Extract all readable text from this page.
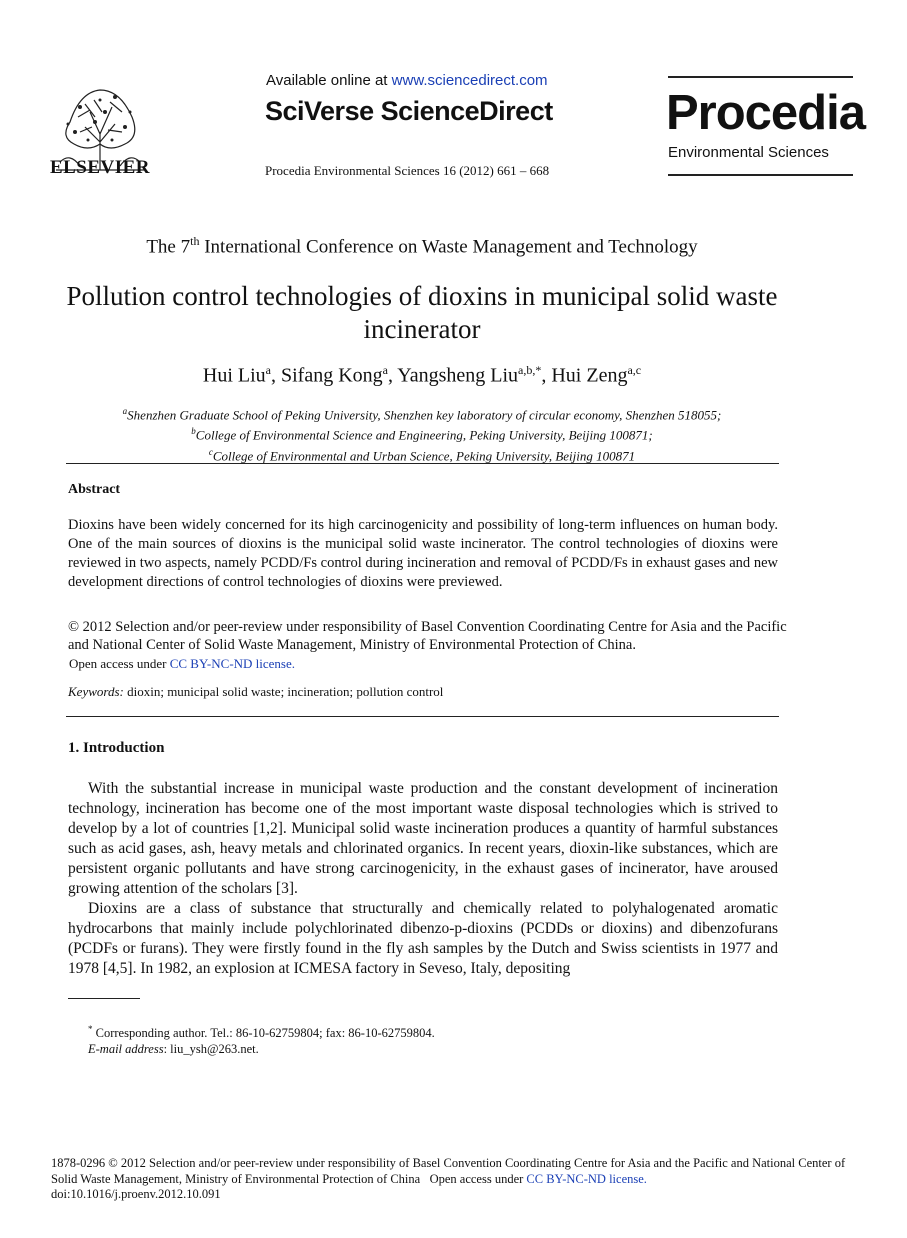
ELSEVIER
Available online at www.sciencedirect.com
SciVerse ScienceDirect
Procedia Environmental Sciences 16 (2012) 661 – 668
Procedia
Environmental Sciences
The 7th International Conference on Waste Management and Technology
Pollution control technologies of dioxins in municipal solid waste incinerator
Hui Liu$^a$, Sifang Kong$^a$, Yangsheng Liu$^{a,b,*}$, Hui Zeng$^{a,c}$
$^a$Shenzhen Graduate School of Peking University, Shenzhen key laboratory of circular economy, Shenzhen 518055;
$^b$College of Environmental Science and Engineering, Peking University, Beijing 100871;
$^c$College of Environmental and Urban Science, Peking University, Beijing 100871
Abstract
Dioxins have been widely concerned for its high carcinogenicity and possibility of long-term influences on human body. One of the main sources of dioxins is the municipal solid waste incinerator. The control technologies of dioxins were reviewed in two aspects, namely PCDD/Fs control during incineration and removal of PCDD/Fs in exhaust gases and new development directions of control technologies of dioxins were previewed.
© 2012 Selection and/or peer-review under responsibility of Basel Convention Coordinating Centre for Asia and the Pacific and National Center of Solid Waste Management, Ministry of Environmental Protection of China.
Open access under CC BY-NC-ND license.
Keywords: dioxin; municipal solid waste; incineration; pollution control
1. Introduction
With the substantial increase in municipal waste production and the constant development of incineration technology, incineration has become one of the most important waste disposal technologies which is strived to develop by a lot of countries [1,2]. Municipal solid waste incineration produces a quantity of harmful substances such as acid gases, ash, heavy metals and chlorinated organics. In recent years, dioxin-like substances, which are persistent organic pollutants and have strong carcinogenicity, in the exhaust gases of incinerator, have aroused growing attention of the scholars [3].
Dioxins are a class of substance that structurally and chemically related to polyhalogenated aromatic hydrocarbons that mainly include polychlorinated dibenzo-p-dioxins (PCDDs or dioxins) and dibenzofurans (PCDFs or furans). They were firstly found in the fly ash samples by the Dutch and Swiss scientists in 1977 and 1978 [4,5]. In 1982, an explosion at ICMESA factory in Seveso, Italy, depositing
* Corresponding author. Tel.: 86-10-62759804; fax: 86-10-62759804.
E-mail address: liu_ysh@263.net.
1878-0296 © 2012 Selection and/or peer-review under responsibility of Basel Convention Coordinating Centre for Asia and the Pacific and National Center of Solid Waste Management, Ministry of Environmental Protection of China   Open access under CC BY-NC-ND license.
doi:10.1016/j.proenv.2012.10.091
